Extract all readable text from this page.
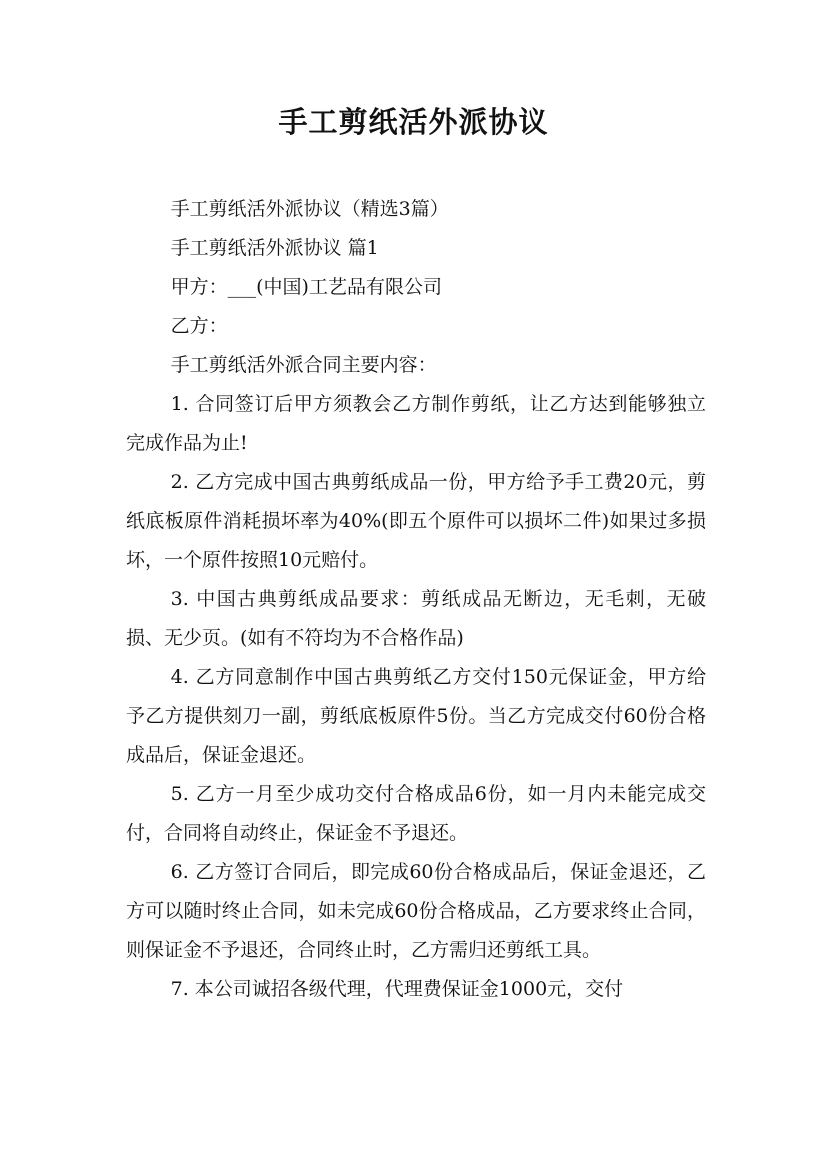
手工剪纸活外派协议

手工剪纸活外派协议（精选3篇）

手工剪纸活外派协议 篇1

甲方：___(中国)工艺品有限公司

乙方：

手工剪纸活外派合同主要内容：

1. 合同签订后甲方须教会乙方制作剪纸，让乙方达到能够独立完成作品为止!

2. 乙方完成中国古典剪纸成品一份，甲方给予手工费20元，剪纸底板原件消耗损坏率为40%(即五个原件可以损坏二件)如果过多损坏，一个原件按照10元赔付。

3. 中国古典剪纸成品要求：剪纸成品无断边，无毛刺，无破损、无少页。(如有不符均为不合格作品)

4. 乙方同意制作中国古典剪纸乙方交付150元保证金，甲方给予乙方提供刻刀一副，剪纸底板原件5份。当乙方完成交付60份合格成品后，保证金退还。

5. 乙方一月至少成功交付合格成品6份，如一月内未能完成交付，合同将自动终止，保证金不予退还。

6. 乙方签订合同后，即完成60份合格成品后，保证金退还，乙方可以随时终止合同，如未完成60份合格成品，乙方要求终止合同，则保证金不予退还，合同终止时，乙方需归还剪纸工具。

7. 本公司诚招各级代理，代理费保证金1000元，交付
